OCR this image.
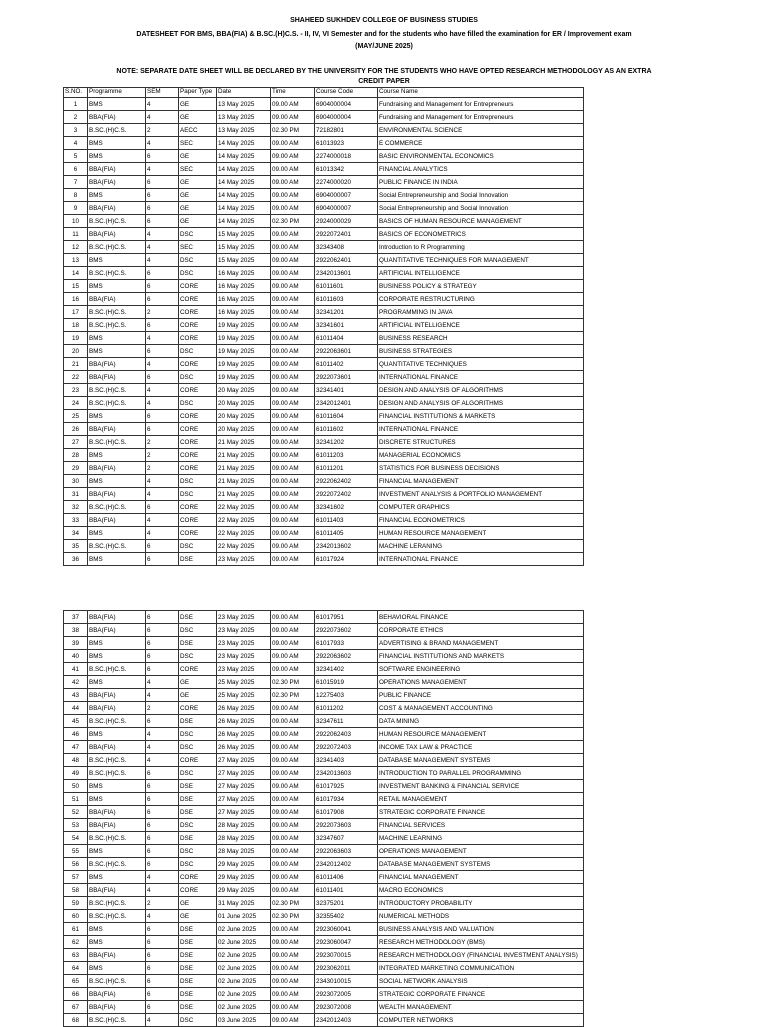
SHAHEED SUKHDEV COLLEGE OF BUSINESS STUDIES
DATESHEET FOR BMS, BBA(FIA) & B.SC.(H)C.S. - II, IV, VI Semester and for the students who have filled the examination for ER / Improvement exam
(MAY/JUNE 2025)
NOTE: SEPARATE DATE SHEET WILL BE DECLARED BY THE UNIVERSITY FOR THE STUDENTS WHO HAVE OPTED RESEARCH METHODOLOGY AS AN EXTRA
CREDIT PAPER
S.NO.	Programme	SEM	Paper Type	Date	Time	Course Code	Course Name
1	BMS	4	GE	13 May 2025	09.00 AM	6904000004	Fundraising and Management for Entrepreneurs
2	BBA(FIA)	4	GE	13 May 2025	09.00 AM	6904000004	Fundraising and Management for Entrepreneurs
3	B.SC.(H)C.S.	2	AECC	13 May 2025	02.30 PM	72182801	ENVIRONMENTAL SCIENCE
4	BMS	4	SEC	14 May 2025	09.00 AM	61013923	E COMMERCE
5	BMS	6	GE	14 May 2025	09.00 AM	2274000018	BASIC ENVIRONMENTAL ECONOMICS
6	BBA(FIA)	4	SEC	14 May 2025	09.00 AM	61013342	FINANCIAL ANALYTICS
7	BBA(FIA)	6	GE	14 May 2025	09.00 AM	2274000020	PUBLIC FINANCE IN INDIA
8	BMS	6	GE	14 May 2025	09.00 AM	6904000007	Social Entrepreneurship and Social Innovation
9	BBA(FIA)	6	GE	14 May 2025	09.00 AM	6904000007	Social Entrepreneurship and Social Innovation
10	B.SC.(H)C.S.	6	GE	14 May 2025	02.30 PM	2924000029	BASICS OF HUMAN RESOURCE MANAGEMENT
11	BBA(FIA)	4	DSC	15 May 2025	09.00 AM	2922072401	BASICS OF ECONOMETRICS
12	B.SC.(H)C.S.	4	SEC	15 May 2025	09.00 AM	32343408	Introduction to R Programming
13	BMS	4	DSC	15 May 2025	09.00 AM	2922062401	QUANTITATIVE TECHNIQUES FOR MANAGEMENT
14	B.SC.(H)C.S.	6	DSC	16 May 2025	09.00 AM	2342013601	ARTIFICIAL INTELLIGENCE
15	BMS	6	CORE	16 May 2025	09.00 AM	61011601	BUSINESS POLICY & STRATEGY
16	BBA(FIA)	6	CORE	16 May 2025	09.00 AM	61011603	CORPORATE RESTRUCTURING
17	B.SC.(H)C.S.	2	CORE	16 May 2025	09.00 AM	32341201	PROGRAMMING IN JAVA
18	B.SC.(H)C.S.	6	CORE	19 May 2025	09.00 AM	32341601	ARTIFICIAL INTELLIGENCE
19	BMS	4	CORE	19 May 2025	09.00 AM	61011404	BUSINESS RESEARCH
20	BMS	6	DSC	19 May 2025	09.00 AM	2922063601	BUSINESS STRATEGIES
21	BBA(FIA)	4	CORE	19 May 2025	09.00 AM	61011402	QUANTITATIVE TECHNIQUES
22	BBA(FIA)	6	DSC	19 May 2025	09.00 AM	2922073601	INTERNATIONAL FINANCE
23	B.SC.(H)C.S.	4	CORE	20 May 2025	09.00 AM	32341401	DESIGN AND ANALYSIS OF ALGORITHMS
24	B.SC.(H)C.S.	4	DSC	20 May 2025	09.00 AM	2342012401	DESIGN AND ANALYSIS OF ALGORITHMS
25	BMS	6	CORE	20 May 2025	09.00 AM	61011604	FINANCIAL INSTITUTIONS & MARKETS
26	BBA(FIA)	6	CORE	20 May 2025	09.00 AM	61011602	INTERNATIONAL FINANCE
27	B.SC.(H)C.S.	2	CORE	21 May 2025	09.00 AM	32341202	DISCRETE STRUCTURES
28	BMS	2	CORE	21 May 2025	09.00 AM	61011203	MANAGERIAL ECONOMICS
29	BBA(FIA)	2	CORE	21 May 2025	09.00 AM	61011201	STATISTICS FOR BUSINESS DECISIONS
30	BMS	4	DSC	21 May 2025	09.00 AM	2922062402	FINANCIAL MANAGEMENT
31	BBA(FIA)	4	DSC	21 May 2025	09.00 AM	2922072402	INVESTMENT ANALYSIS & PORTFOLIO MANAGEMENT
32	B.SC.(H)C.S.	6	CORE	22 May 2025	09.00 AM	32341602	COMPUTER GRAPHICS
33	BBA(FIA)	4	CORE	22 May 2025	09.00 AM	61011403	FINANCIAL ECONOMETRICS
34	BMS	4	CORE	22 May 2025	09.00 AM	61011405	HUMAN RESOURCE MANAGEMENT
35	B.SC.(H)C.S.	6	DSC	22 May 2025	09.00 AM	2342013602	MACHINE LERANING
36	BMS	6	DSE	23 May 2025	09.00 AM	61017924	INTERNATIONAL FINANCE
37	BBA(FIA)	6	DSE	23 May 2025	09.00 AM	61017951	BEHAVIORAL FINANCE
38	BBA(FIA)	6	DSC	23 May 2025	09.00 AM	2922073602	CORPORATE ETHICS
39	BMS	6	DSE	23 May 2025	09.00 AM	61017933	ADVERTISING & BRAND MANAGEMENT
40	BMS	6	DSC	23 May 2025	09.00 AM	2922063602	FINANCIAL INSTITUTIONS AND MARKETS
41	B.SC.(H)C.S.	6	CORE	23 May 2025	09.00 AM	32341402	SOFTWARE ENGINEERING
42	BMS	4	GE	25 May 2025	02.30 PM	61015919	OPERATIONS MANAGEMENT
43	BBA(FIA)	4	GE	25 May 2025	02.30 PM	12275403	PUBLIC FINANCE
44	BBA(FIA)	2	CORE	26 May 2025	09.00 AM	61011202	COST & MANAGEMENT ACCOUNTING
45	B.SC.(H)C.S.	6	DSE	26 May 2025	09.00 AM	32347611	DATA MINING
46	BMS	4	DSC	26 May 2025	09.00 AM	2922062403	HUMAN RESOURCE MANAGEMENT
47	BBA(FIA)	4	DSC	26 May 2025	09.00 AM	2922072403	INCOME TAX LAW & PRACTICE
48	B.SC.(H)C.S.	4	CORE	27 May 2025	09.00 AM	32341403	DATABASE MANAGEMENT SYSTEMS
49	B.SC.(H)C.S.	6	DSC	27 May 2025	09.00 AM	2342013603	INTRODUCTION TO PARALLEL PROGRAMMING
50	BMS	6	DSE	27 May 2025	09.00 AM	61017925	INVESTMENT BANKING & FINANCIAL SERVICE
51	BMS	6	DSE	27 May 2025	09.00 AM	61017934	RETAIL MANAGEMENT
52	BBA(FIA)	6	DSE	27 May 2025	09.00 AM	61017908	STRATEGIC CORPORATE FINANCE
53	BBA(FIA)	6	DSC	28 May 2025	09.00 AM	2922073603	FINANCIAL SERVICES
54	B.SC.(H)C.S.	6	DSE	28 May 2025	09.00 AM	32347607	MACHINE LEARNING
55	BMS	6	DSC	28 May 2025	09.00 AM	2922063603	OPERATIONS MANAGEMENT
56	B.SC.(H)C.S.	6	DSC	29 May 2025	09.00 AM	2342012402	DATABASE MANAGEMENT SYSTEMS
57	BMS	4	CORE	29 May 2025	09.00 AM	61011406	FINANCIAL MANAGEMENT
58	BBA(FIA)	4	CORE	29 May 2025	09.00 AM	61011401	MACRO ECONOMICS
59	B.SC.(H)C.S.	2	GE	31 May 2025	02.30 PM	32375201	INTRODUCTORY PROBABILITY
60	B.SC.(H)C.S.	4	GE	01 June 2025	02.30 PM	32355402	NUMERICAL METHODS
61	BMS	6	DSE	02 June 2025	09.00 AM	2923060041	BUSINESS ANALYSIS AND VALUATION
62	BMS	6	DSE	02 June 2025	09.00 AM	2923060047	RESEARCH METHODOLOGY (BMS)
63	BBA(FIA)	6	DSE	02 June 2025	09.00 AM	2923070015	RESEARCH METHODOLOGY (FINANCIAL INVESTMENT ANALYSIS)
64	BMS	6	DSE	02 June 2025	09.00 AM	2923062011	INTEGRATED MARKETING COMMUNICATION
65	B.SC.(H)C.S.	6	DSE	02 June 2025	09.00 AM	2343010015	SOCIAL NETWORK ANALYSIS
66	BBA(FIA)	6	DSE	02 June 2025	09.00 AM	2923072005	STRATEGIC CORPORATE FINANCE
67	BBA(FIA)	6	DSE	02 June 2025	09.00 AM	2923072008	WEALTH MANAGEMENT
68	B.SC.(H)C.S.	4	DSC	03 June 2025	09.00 AM	2342012403	COMPUTER NETWORKS
